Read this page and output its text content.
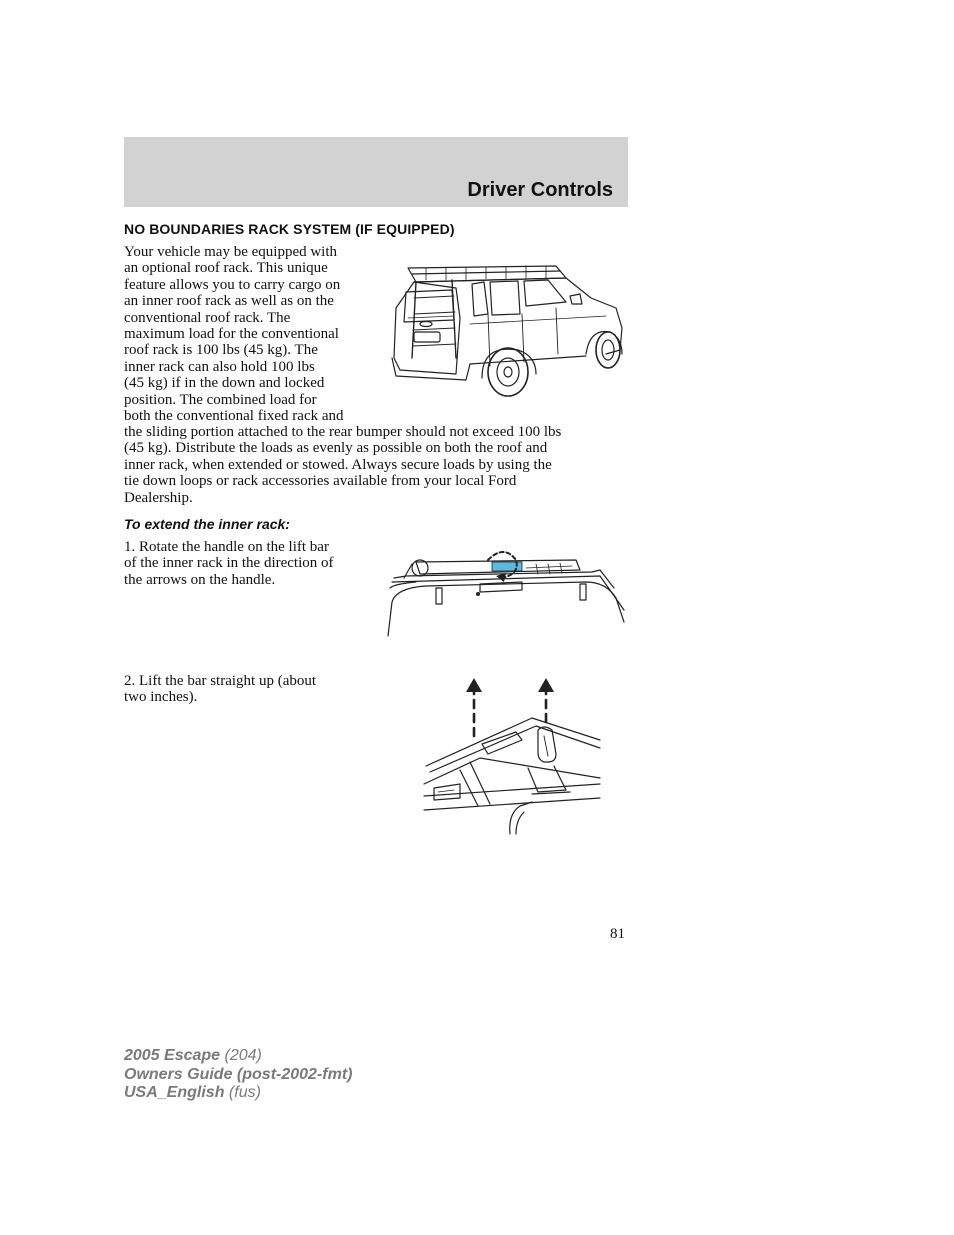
Driver Controls
NO BOUNDARIES RACK SYSTEM (IF EQUIPPED)
Your vehicle may be equipped with
an optional roof rack. This unique
feature allows you to carry cargo on
an inner roof rack as well as on the
conventional roof rack. The
maximum load for the conventional
roof rack is 100 lbs (45 kg). The
inner rack can also hold 100 lbs
(45 kg) if in the down and locked
position. The combined load for
both the conventional fixed rack and
the sliding portion attached to the rear bumper should not exceed 100 lbs
(45 kg). Distribute the loads as evenly as possible on both the roof and
inner rack, when extended or stowed. Always secure loads by using the
tie down loops or rack accessories available from your local Ford
Dealership.
To extend the inner rack:
1. Rotate the handle on the lift bar
of the inner rack in the direction of
the arrows on the handle.
2. Lift the bar straight up (about
two inches).
81
2005 Escape (204)
Owners Guide (post-2002-fmt)
USA_English (fus)
